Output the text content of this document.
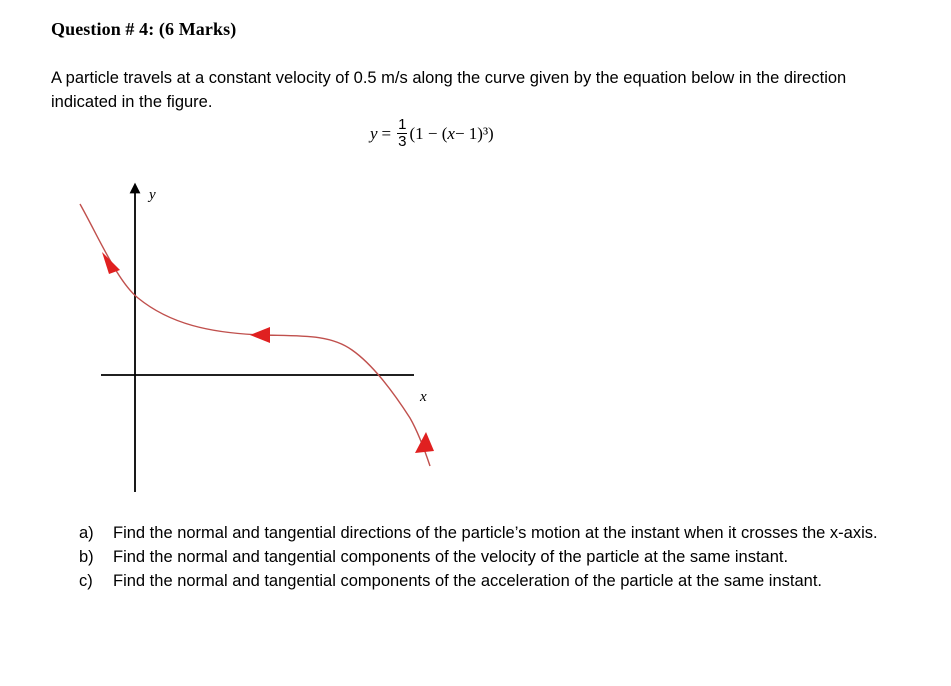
Question # 4: (6 Marks)
A particle travels at a constant velocity of 0.5 m/s along the curve given by the equation below in the direction indicated in the figure.
$y = \frac{1}{3} (1$ − ( x − 1)³)
y
x
a)	Find the normal and tangential directions of the particle’s motion at the instant when it crosses the x-axis.
b)	Find the normal and tangential components of the velocity of the particle at the same instant.
c)	Find the normal and tangential components of the acceleration of the particle at the same instant.
